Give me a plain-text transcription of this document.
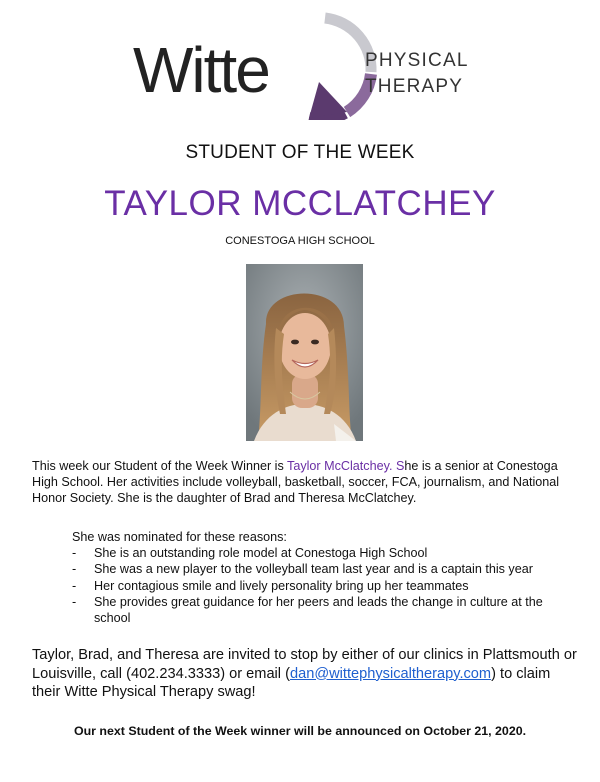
Witte	PHYSICAL
THERAPY
STUDENT OF THE WEEK
TAYLOR MCCLATCHEY
CONESTOGA HIGH SCHOOL
This week our Student of the Week Winner is Taylor McClatchey. She is a senior at Conestoga High School. Her activities include volleyball, basketball, soccer, FCA, journalism, and National Honor Society. She is the daughter of Brad and Theresa McClatchey.
She was nominated for these reasons:
- She is an outstanding role model at Conestoga High School
- She was a new player to the volleyball team last year and is a captain this year
- Her contagious smile and lively personality bring up her teammates
- She provides great guidance for her peers and leads the change in culture at the school
Taylor, Brad, and Theresa are invited to stop by either of our clinics in Plattsmouth or Louisville, call (402.234.3333) or email (dan@wittephysicaltherapy.com) to claim their Witte Physical Therapy swag!
Our next Student of the Week winner will be announced on October 21, 2020.
